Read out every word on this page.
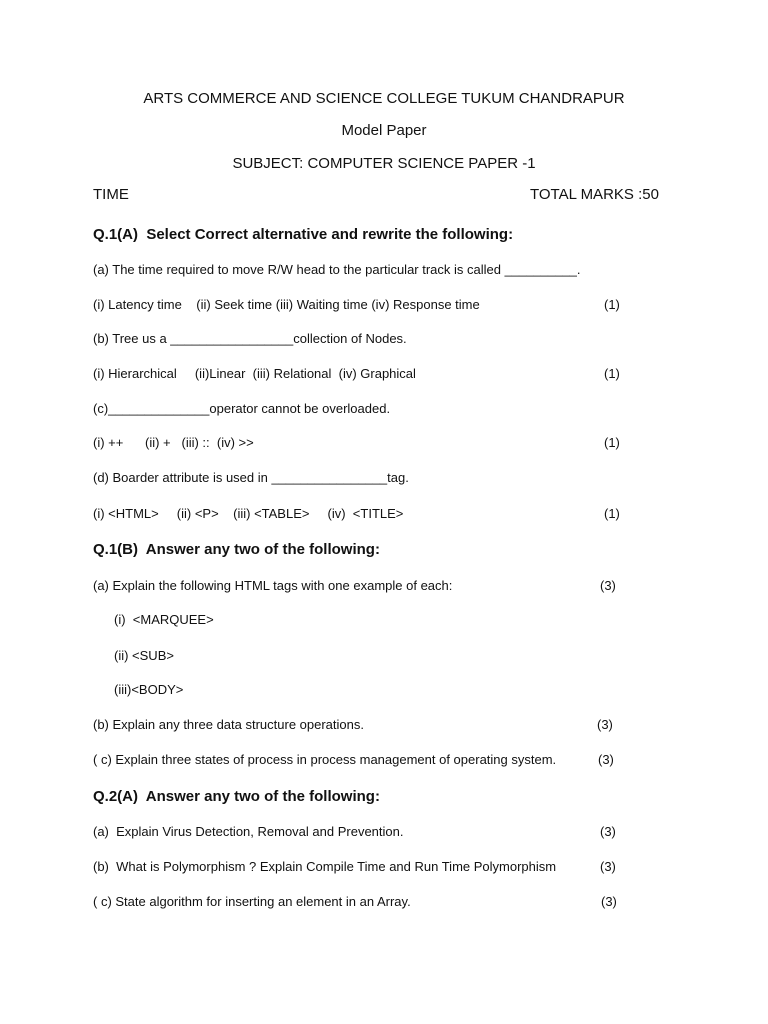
ARTS COMMERCE AND SCIENCE COLLEGE TUKUM CHANDRAPUR
Model Paper
SUBJECT: COMPUTER SCIENCE PAPER -1
TIME	TOTAL MARKS :50
Q.1(A)  Select Correct alternative and rewrite the following:
(a) The time required to move R/W head to the particular track is called __________.
(i) Latency time    (ii) Seek time (iii) Waiting time (iv) Response time	(1)
(b) Tree us a _________________collection of Nodes.
(i) Hierarchical     (ii)Linear  (iii) Relational  (iv) Graphical	(1)
(c)______________operator cannot be overloaded.
(i) ++      (ii) +   (iii) ::  (iv) >>	(1)
(d) Boarder attribute is used in ________________tag.
(i) <HTML>     (ii) <P>    (iii) <TABLE>     (iv)  <TITLE>	(1)
Q.1(B)  Answer any two of the following:
(a) Explain the following HTML tags with one example of each:	(3)
(i)  <MARQUEE>
(ii) <SUB>
(iii)<BODY>
(b) Explain any three data structure operations.	(3)
( c) Explain three states of process in process management of operating system.	(3)
Q.2(A)  Answer any two of the following:
(a)  Explain Virus Detection, Removal and Prevention.	(3)
(b)  What is Polymorphism ? Explain Compile Time and Run Time Polymorphism	(3)
( c) State algorithm for inserting an element in an Array.	(3)
